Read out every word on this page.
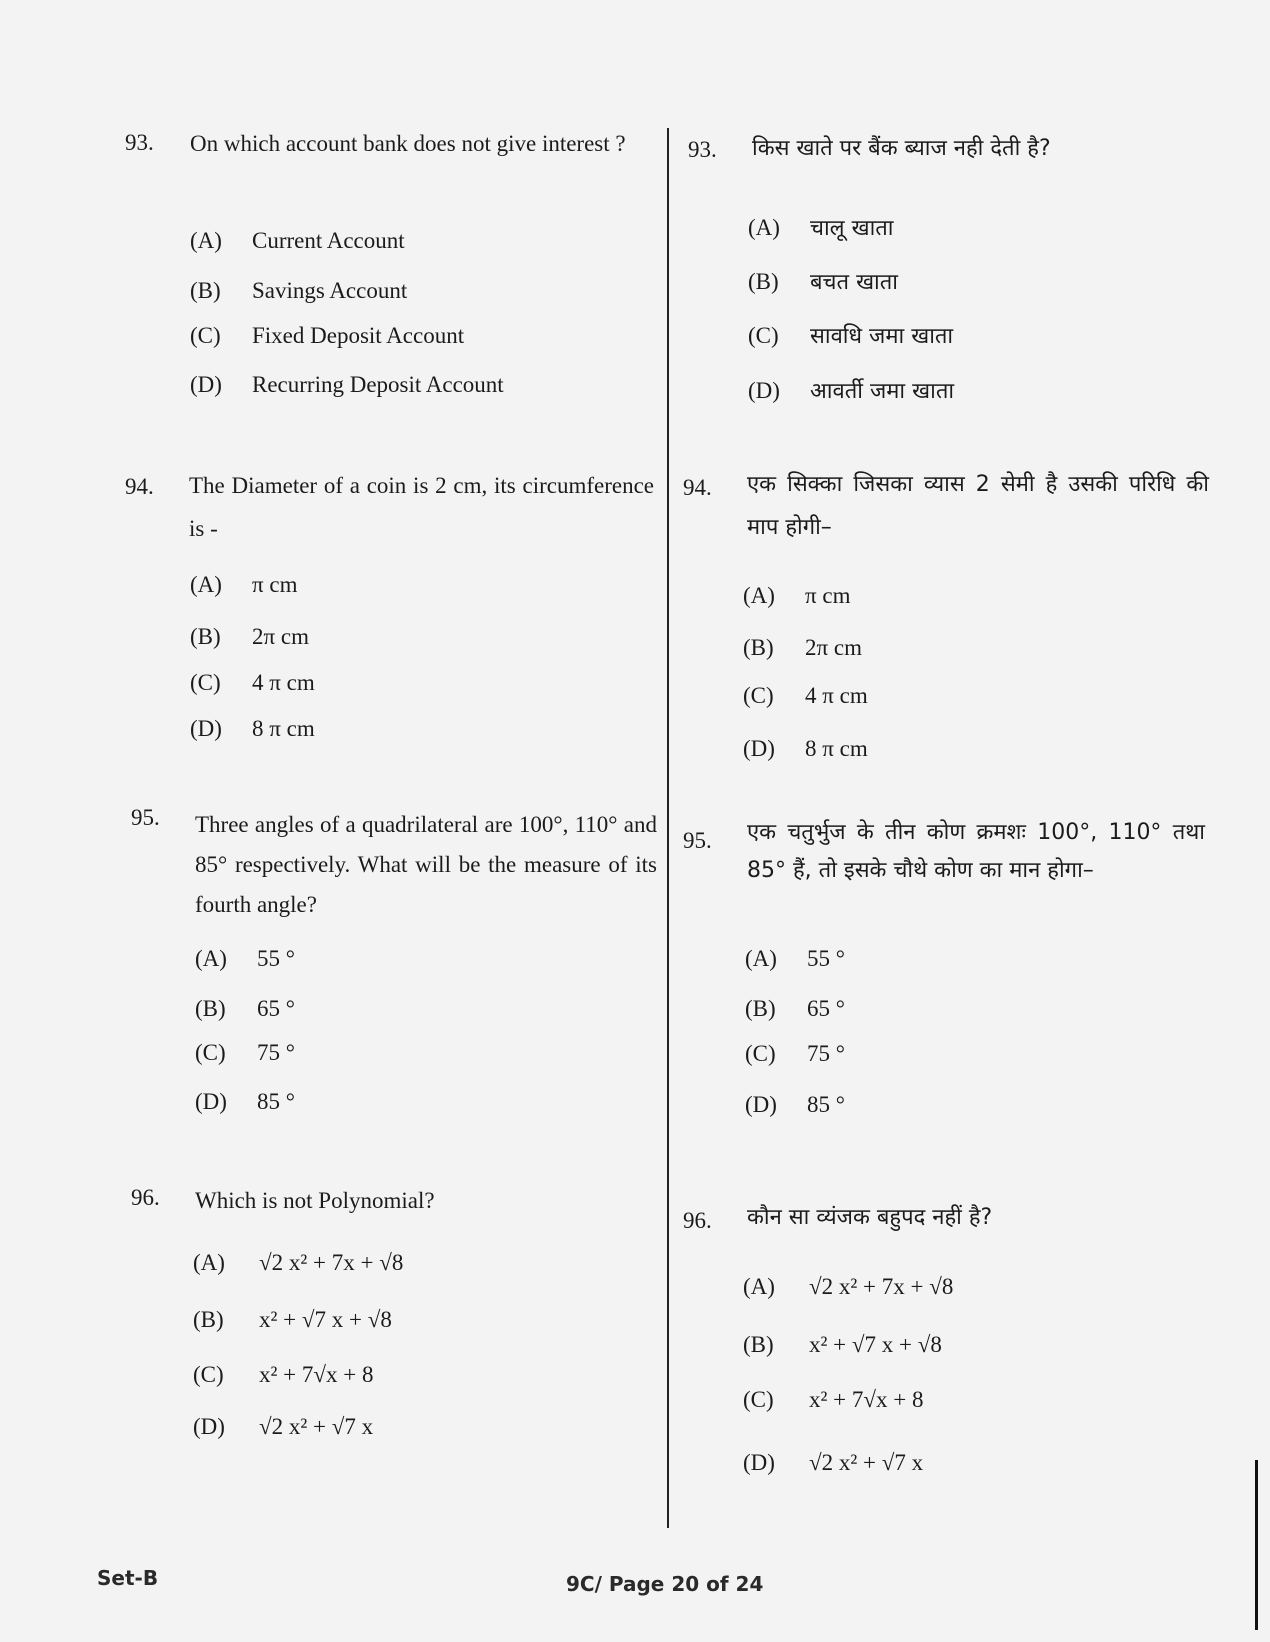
93. On which account bank does not give interest ?
(A) Current Account
(B) Savings Account
(C) Fixed Deposit Account
(D) Recurring Deposit Account
94. The Diameter of a coin is 2 cm, its circumference is -
(A) π cm
(B) 2π cm
(C) 4 π cm
(D) 8 π cm
95. Three angles of a quadrilateral are 100°, 110° and 85° respectively. What will be the measure of its fourth angle?
(A) 55 °
(B) 65 °
(C) 75 °
(D) 85 °
96. Which is not Polynomial?
(A) √2 x² + 7x + √8
(B) x² + √7 x + √8
(C) x² + 7√x + 8
(D) √2 x² + √7 x
93. किस खाते पर बैंक ब्याज नही देती है?
(A) चालू खाता
(B) बचत खाता
(C) सावधि जमा खाता
(D) आवर्ती जमा खाता
94. एक सिक्का जिसका व्यास 2 सेमी है उसकी परिधि की माप होगी–
(A) π cm
(B) 2π cm
(C) 4 π cm
(D) 8 π cm
95. एक चतुर्भुज के तीन कोण क्रमशः 100°, 110° तथा 85° हैं, तो इसके चौथे कोण का मान होगा–
(A) 55 °
(B) 65 °
(C) 75 °
(D) 85 °
96. कौन सा व्यंजक बहुपद नहीं है?
(A) √2 x² + 7x + √8
(B) x² + √7 x + √8
(C) x² + 7√x + 8
(D) √2 x² + √7 x
Set-B	9C/ Page 20 of 24
